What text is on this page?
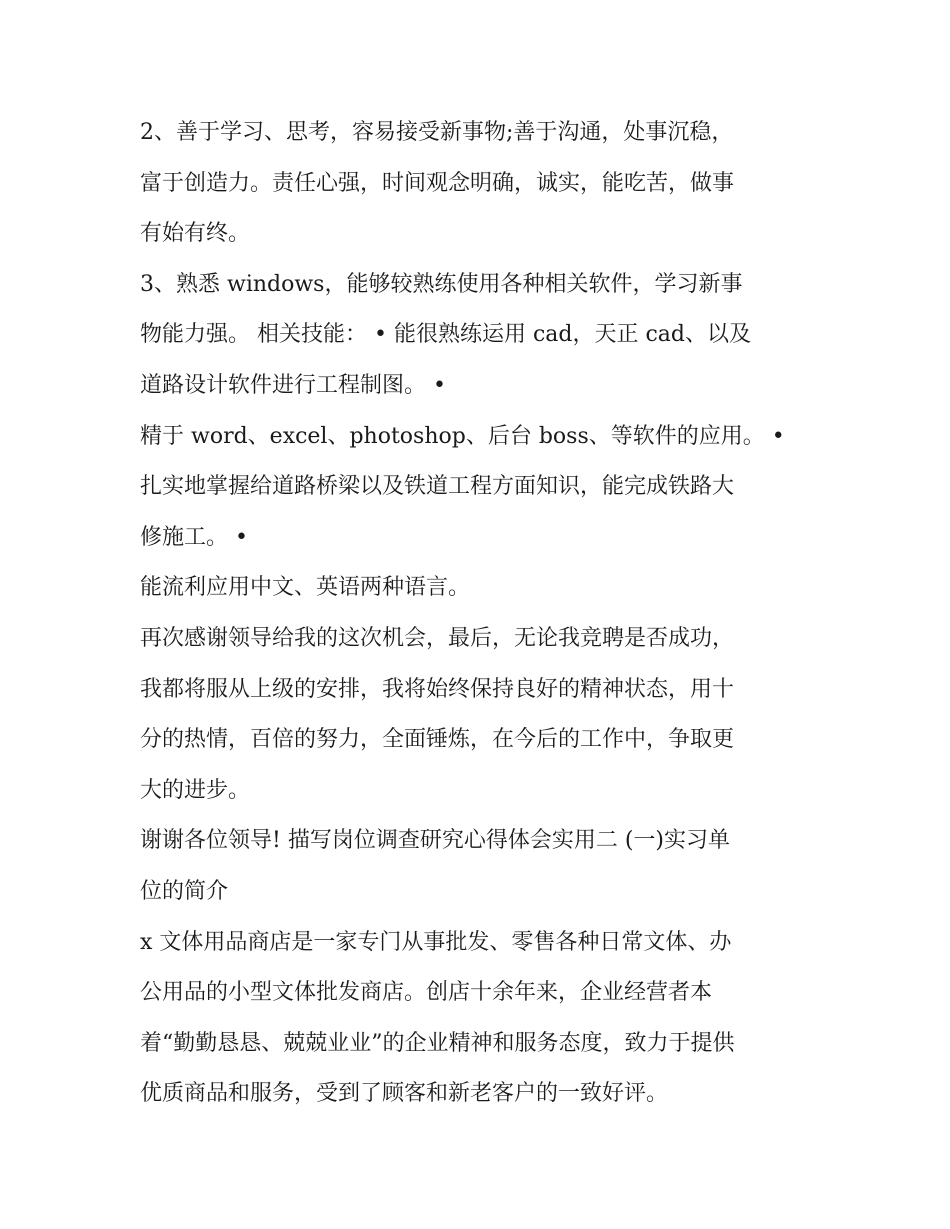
2、善于学习、思考，容易接受新事物;善于沟通，处事沉稳，
富于创造力。责任心强，时间观念明确，诚实，能吃苦，做事
有始有终。
3、熟悉 windows，能够较熟练使用各种相关软件，学习新事
物能力强。 相关技能： • 能很熟练运用 cad，天正 cad、以及
道路设计软件进行工程制图。 •
精于 word、excel、photoshop、后台 boss、等软件的应用。 •
扎实地掌握给道路桥梁以及铁道工程方面知识，能完成铁路大
修施工。 •
能流利应用中文、英语两种语言。
再次感谢领导给我的这次机会，最后，无论我竞聘是否成功，
我都将服从上级的安排，我将始终保持良好的精神状态，用十
分的热情，百倍的努力，全面锤炼，在今后的工作中，争取更
大的进步。
谢谢各位领导! 描写岗位调查研究心得体会实用二 (一)实习单
位的简介
x 文体用品商店是一家专门从事批发、零售各种日常文体、办
公用品的小型文体批发商店。创店十余年来，企业经营者本
着“勤勤恳恳、兢兢业业”的企业精神和服务态度，致力于提供
优质商品和服务，受到了顾客和新老客户的一致好评。
